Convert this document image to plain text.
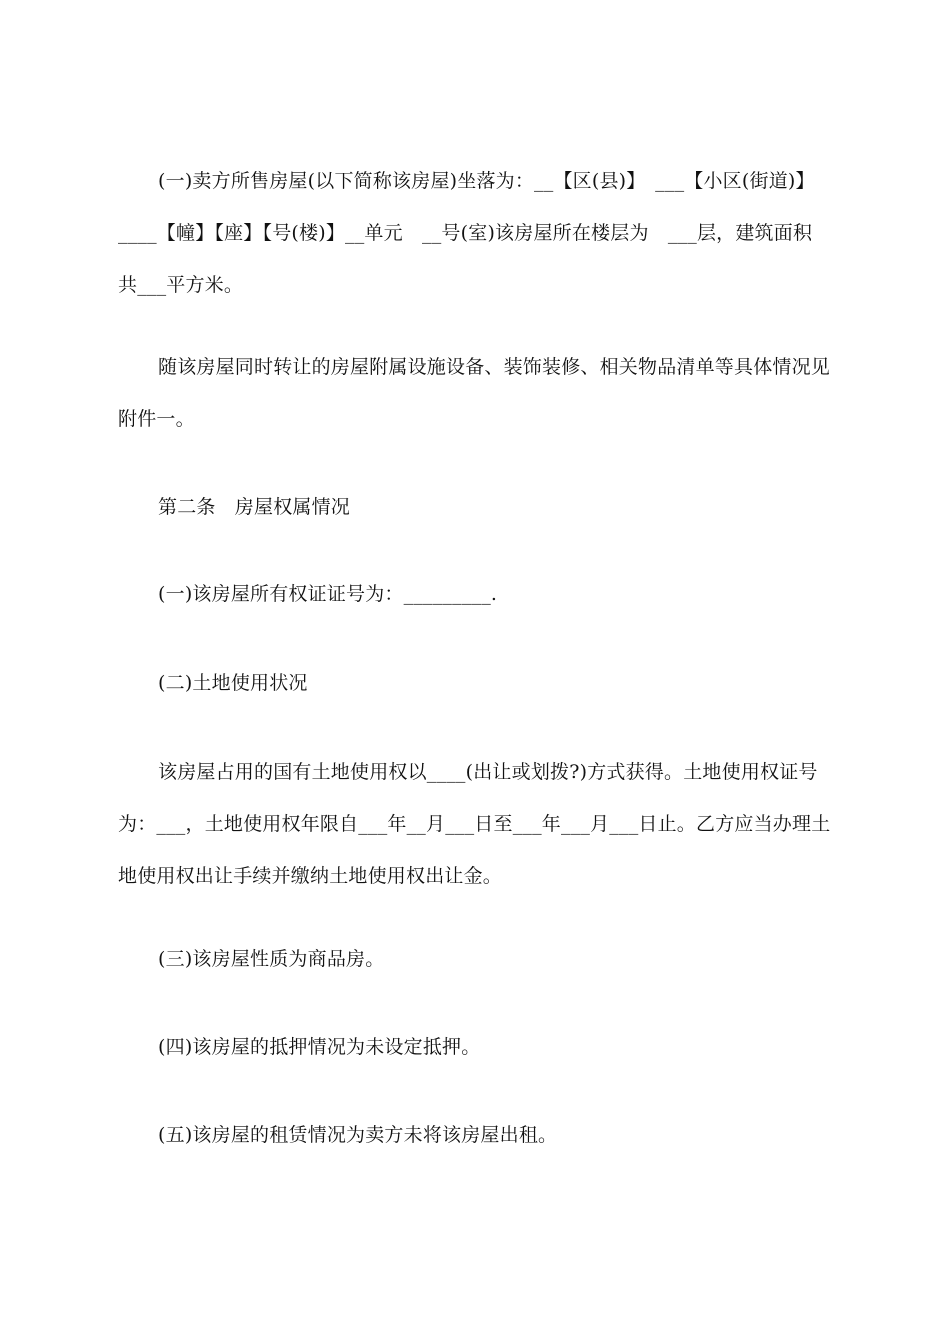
(一)卖方所售房屋(以下简称该房屋)坐落为：__【区(县)】　___【小区(街道)】
____【幢】【座】【号(楼)】__单元　__号(室)该房屋所在楼层为　___层，建筑面积
共___平方米。
随该房屋同时转让的房屋附属设施设备、装饰装修、相关物品清单等具体情况见
附件一。
第二条　房屋权属情况
(一)该房屋所有权证证号为：_________.
(二)土地使用状况
该房屋占用的国有土地使用权以____(出让或划拨?)方式获得。土地使用权证号
为：___，土地使用权年限自___年__月___日至___年___月___日止。乙方应当办理土
地使用权出让手续并缴纳土地使用权出让金。
(三)该房屋性质为商品房。
(四)该房屋的抵押情况为未设定抵押。
(五)该房屋的租赁情况为卖方未将该房屋出租。
